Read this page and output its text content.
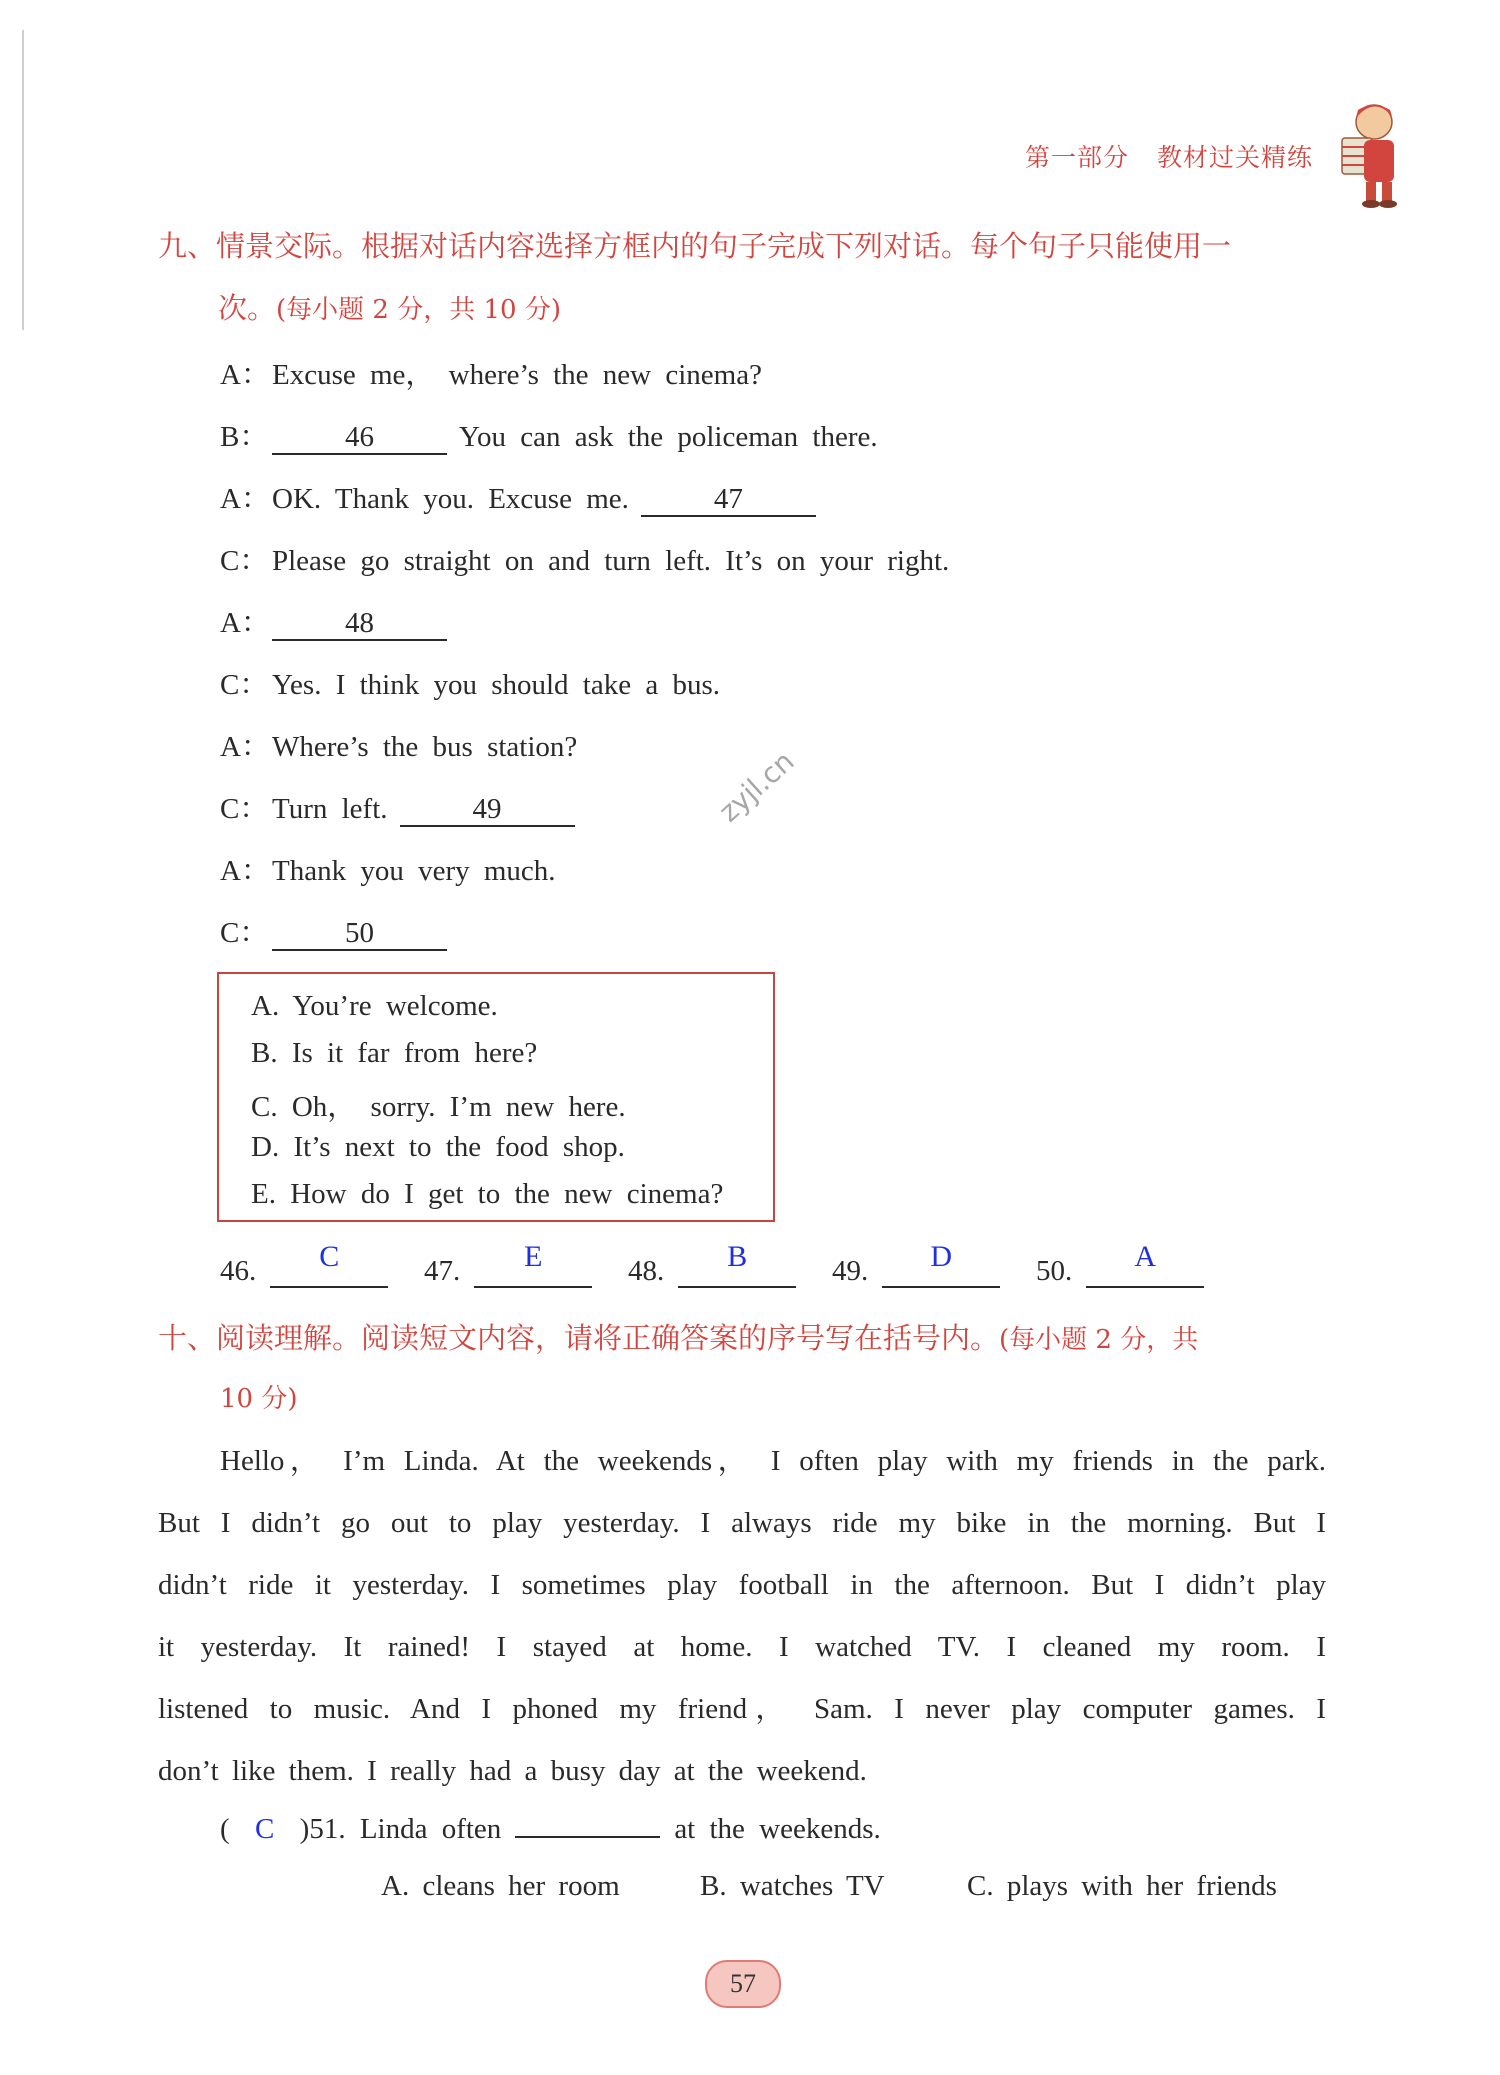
第一部分 教材过关精练
九、情景交际。根据对话内容选择方框内的句子完成下列对话。每个句子只能使用一
次。(每小题 2 分，共 10 分)
A：Excuse me， where’s the new cinema?
B：	46	You can ask the policeman there.
A：OK. Thank you. Excuse me.	47
C： Please go straight on and turn left. It’s on your right.
A：	48
C： Yes. I think you should take a bus.
A：Where’s the bus station?
C： Turn left.	49
A：Thank you very much.
C：	50
zyjl.cn
A. You’re welcome.
B. Is it far from here?
C. Oh， sorry. I’m new here.
D. It’s next to the food shop.
E. How do I get to the new cinema?
46.	C	47.	E	48.	B	49.	D	50.	A
十、阅读理解。阅读短文内容，请将正确答案的序号写在括号内。(每小题 2 分，共
10 分)
Hello， I’m Linda. At the weekends， I often play with my friends in the park.
But I didn’t go out to play yesterday. I always ride my bike in the morning. But I
didn’t ride it yesterday. I sometimes play football in the afternoon. But I didn’t play
it yesterday. It rained! I stayed at home. I watched TV. I cleaned my room. I
listened to music. And I phoned my friend， Sam. I never play computer games. I
don’t like them. I really had a busy day at the weekend.
( C )51. Linda often	at the weekends.
A. cleans her room	B. watches TV	C. plays with her friends
57
